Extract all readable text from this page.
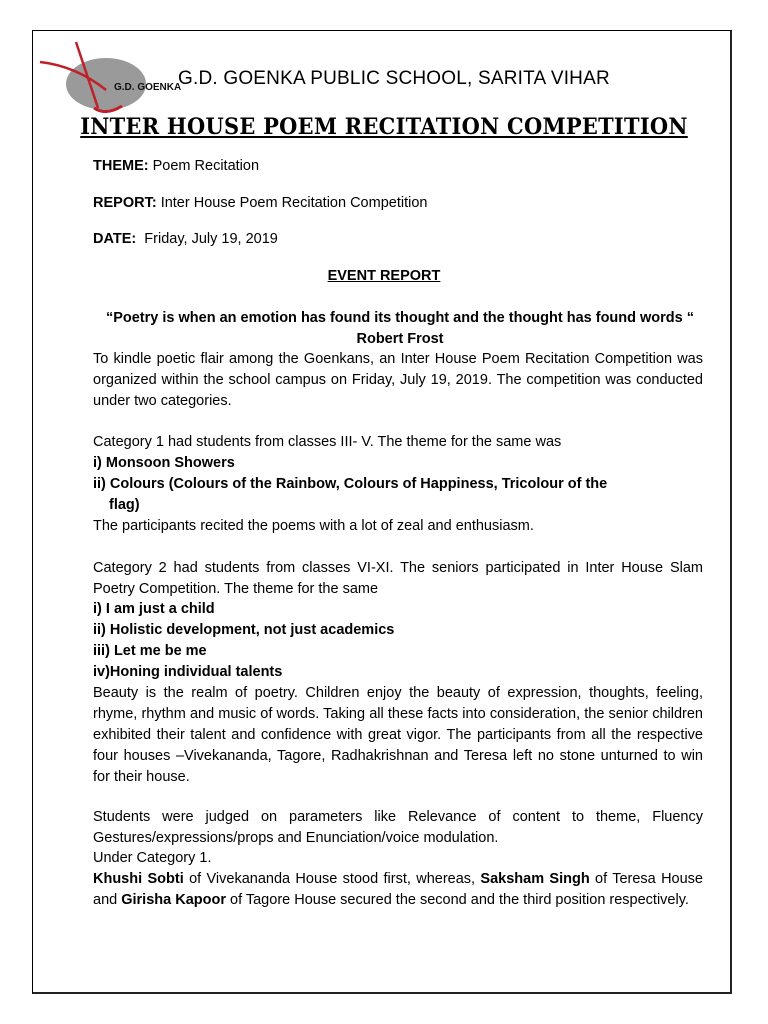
G.D. GOENKA
G.D. GOENKA PUBLIC SCHOOL, SARITA VIHAR
INTER HOUSE POEM RECITATION COMPETITION
THEME: Poem Recitation
REPORT: Inter House Poem Recitation Competition
DATE: Friday, July 19, 2019
EVENT REPORT
“Poetry is when an emotion has found its thought and the thought has found words “ Robert Frost
To kindle poetic flair among the Goenkans, an Inter House Poem Recitation Competition was organized within the school campus on Friday, July 19, 2019. The competition was conducted under two categories.
Category 1 had students from classes III- V. The theme for the same was
i) Monsoon Showers
ii) Colours (Colours of the Rainbow, Colours of Happiness, Tricolour of the
flag)
The participants recited the poems with a lot of zeal and enthusiasm.
Category 2 had students from classes VI-XI. The seniors participated in Inter House Slam Poetry Competition. The theme for the same
i) I am just a child
ii) Holistic development, not just academics
iii) Let me be me
iv)Honing individual talents
Beauty is the realm of poetry. Children enjoy the beauty of expression, thoughts, feeling, rhyme, rhythm and music of words. Taking all these facts into consideration, the senior children exhibited their talent and confidence with great vigor. The participants from all the respective four houses –Vivekananda, Tagore, Radhakrishnan and Teresa left no stone unturned to win for their house.
Students were judged on parameters like Relevance of content to theme, Fluency Gestures/expressions/props and Enunciation/voice modulation.
Under Category 1.
Khushi Sobti of Vivekananda House stood first, whereas, Saksham Singh of Teresa House and Girisha Kapoor of Tagore House secured the second and the third position respectively.
